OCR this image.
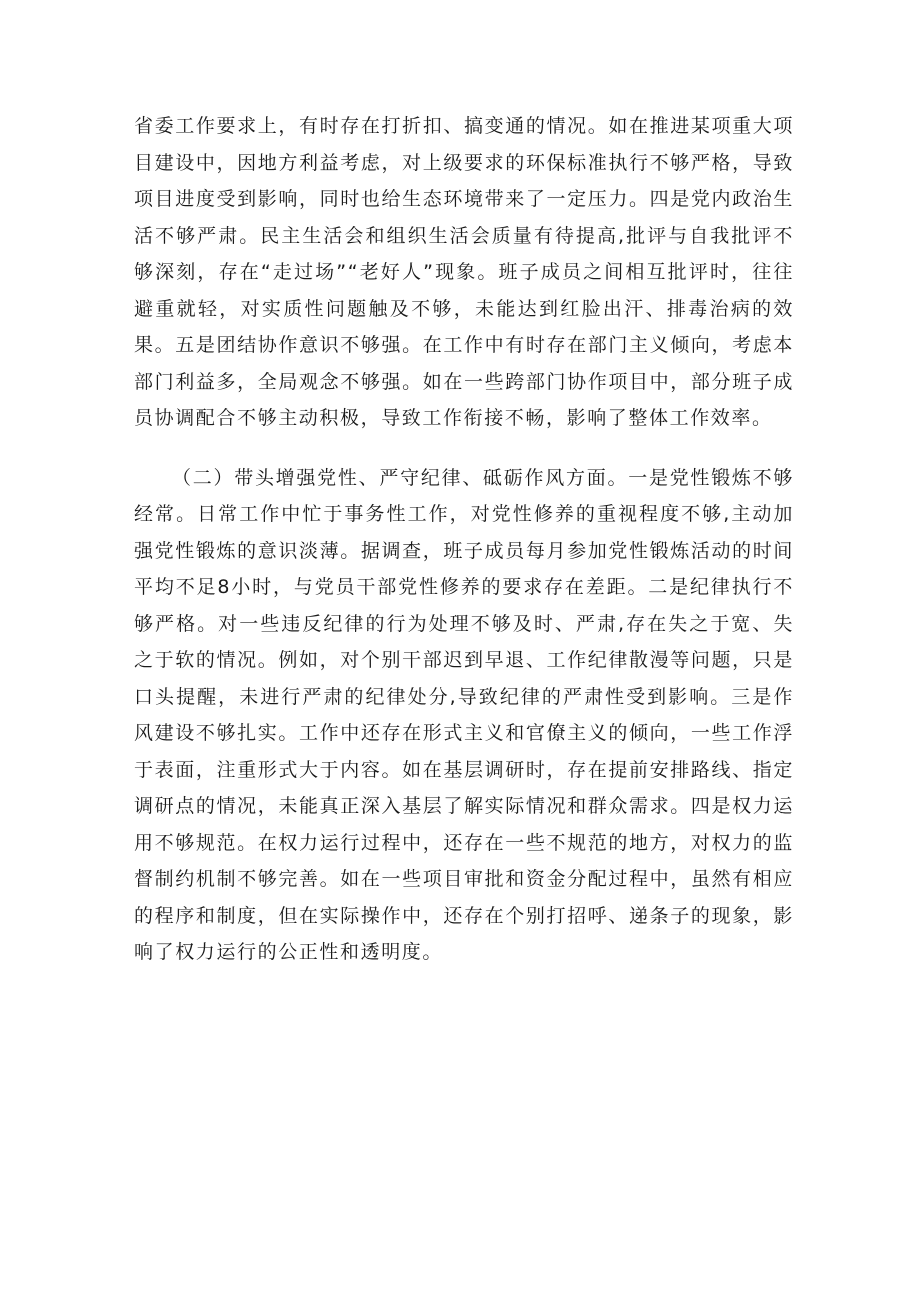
省委工作要求上，有时存在打折扣、搞变通的情况。如在推进某项重大项目建设中，因地方利益考虑，对上级要求的环保标准执行不够严格，导致项目进度受到影响，同时也给生态环境带来了一定压力。四是党内政治生活不够严肃。民主生活会和组织生活会质量有待提高,批评与自我批评不够深刻，存在“走过场”“老好人”现象。班子成员之间相互批评时，往往避重就轻，对实质性问题触及不够，未能达到红脸出汗、排毒治病的效果。五是团结协作意识不够强。在工作中有时存在部门主义倾向，考虑本部门利益多，全局观念不够强。如在一些跨部门协作项目中，部分班子成员协调配合不够主动积极，导致工作衔接不畅，影响了整体工作效率。

（二）带头增强党性、严守纪律、砥砺作风方面。一是党性锻炼不够经常。日常工作中忙于事务性工作，对党性修养的重视程度不够,主动加强党性锻炼的意识淡薄。据调查，班子成员每月参加党性锻炼活动的时间平均不足8小时，与党员干部党性修养的要求存在差距。二是纪律执行不够严格。对一些违反纪律的行为处理不够及时、严肃,存在失之于宽、失之于软的情况。例如，对个别干部迟到早退、工作纪律散漫等问题，只是口头提醒，未进行严肃的纪律处分,导致纪律的严肃性受到影响。三是作风建设不够扎实。工作中还存在形式主义和官僚主义的倾向，一些工作浮于表面，注重形式大于内容。如在基层调研时，存在提前安排路线、指定调研点的情况，未能真正深入基层了解实际情况和群众需求。四是权力运用不够规范。在权力运行过程中，还存在一些不规范的地方，对权力的监督制约机制不够完善。如在一些项目审批和资金分配过程中，虽然有相应的程序和制度，但在实际操作中，还存在个别打招呼、递条子的现象，影响了权力运行的公正性和透明度。
